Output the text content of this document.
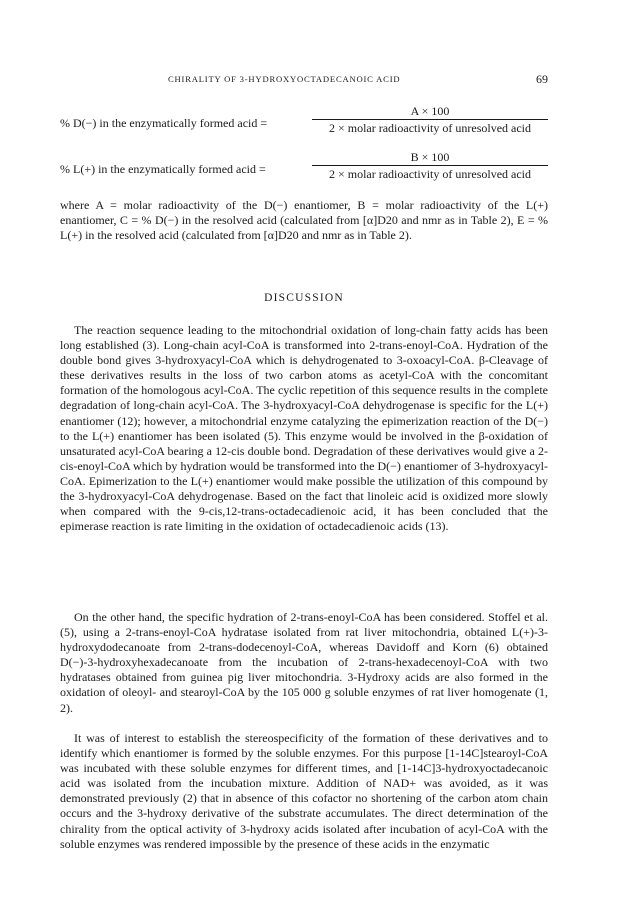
CHIRALITY OF 3-HYDROXYOCTADECANOIC ACID	69
% D(−) in the enzymatically formed acid =
A × 100
2 × molar radioactivity of unresolved acid
% L(+) in the enzymatically formed acid =
B × 100
2 × molar radioactivity of unresolved acid

where A = molar radioactivity of the D(−) enantiomer, B = molar radioactivity of the L(+) enantiomer, C = % D(−) in the resolved acid (calculated from [α]D20 and nmr as in Table 2), E = % L(+) in the resolved acid (calculated from [α]D20 and nmr as in Table 2).

DISCUSSION

The reaction sequence leading to the mitochondrial oxidation of long-chain fatty acids has been long established (3). Long-chain acyl-CoA is transformed into 2-trans-enoyl-CoA. Hydration of the double bond gives 3-hydroxyacyl-CoA which is dehydrogenated to 3-oxoacyl-CoA. β-Cleavage of these derivatives results in the loss of two carbon atoms as acetyl-CoA with the concomitant formation of the homologous acyl-CoA. The cyclic repetition of this sequence results in the complete degradation of long-chain acyl-CoA. The 3-hydroxyacyl-CoA dehydrogenase is specific for the L(+) enantiomer (12); however, a mitochondrial enzyme catalyzing the epimerization reaction of the D(−) to the L(+) enantiomer has been isolated (5). This enzyme would be involved in the β-oxidation of unsaturated acyl-CoA bearing a 12-cis double bond. Degradation of these derivatives would give a 2-cis-enoyl-CoA which by hydration would be transformed into the D(−) enantiomer of 3-hydroxyacyl-CoA. Epimerization to the L(+) enantiomer would make possible the utilization of this compound by the 3-hydroxyacyl-CoA dehydrogenase. Based on the fact that linoleic acid is oxidized more slowly when compared with the 9-cis,12-trans-octadecadienoic acid, it has been concluded that the epimerase reaction is rate limiting in the oxidation of octadecadienoic acids (13).

On the other hand, the specific hydration of 2-trans-enoyl-CoA has been considered. Stoffel et al. (5), using a 2-trans-enoyl-CoA hydratase isolated from rat liver mitochondria, obtained L(+)-3-hydroxydodecanoate from 2-trans-dodecenoyl-CoA, whereas Davidoff and Korn (6) obtained D(−)-3-hydroxyhexadecanoate from the incubation of 2-trans-hexadecenoyl-CoA with two hydratases obtained from guinea pig liver mitochondria. 3-Hydroxy acids are also formed in the oxidation of oleoyl- and stearoyl-CoA by the 105 000 g soluble enzymes of rat liver homogenate (1, 2).

It was of interest to establish the stereospecificity of the formation of these derivatives and to identify which enantiomer is formed by the soluble enzymes. For this purpose [1-14C]stearoyl-CoA was incubated with these soluble enzymes for different times, and [1-14C]3-hydroxyoctadecanoic acid was isolated from the incubation mixture. Addition of NAD+ was avoided, as it was demonstrated previously (2) that in absence of this cofactor no shortening of the carbon atom chain occurs and the 3-hydroxy derivative of the substrate accumulates. The direct determination of the chirality from the optical activity of 3-hydroxy acids isolated after incubation of acyl-CoA with the soluble enzymes was rendered impossible by the presence of these acids in the enzymatic
